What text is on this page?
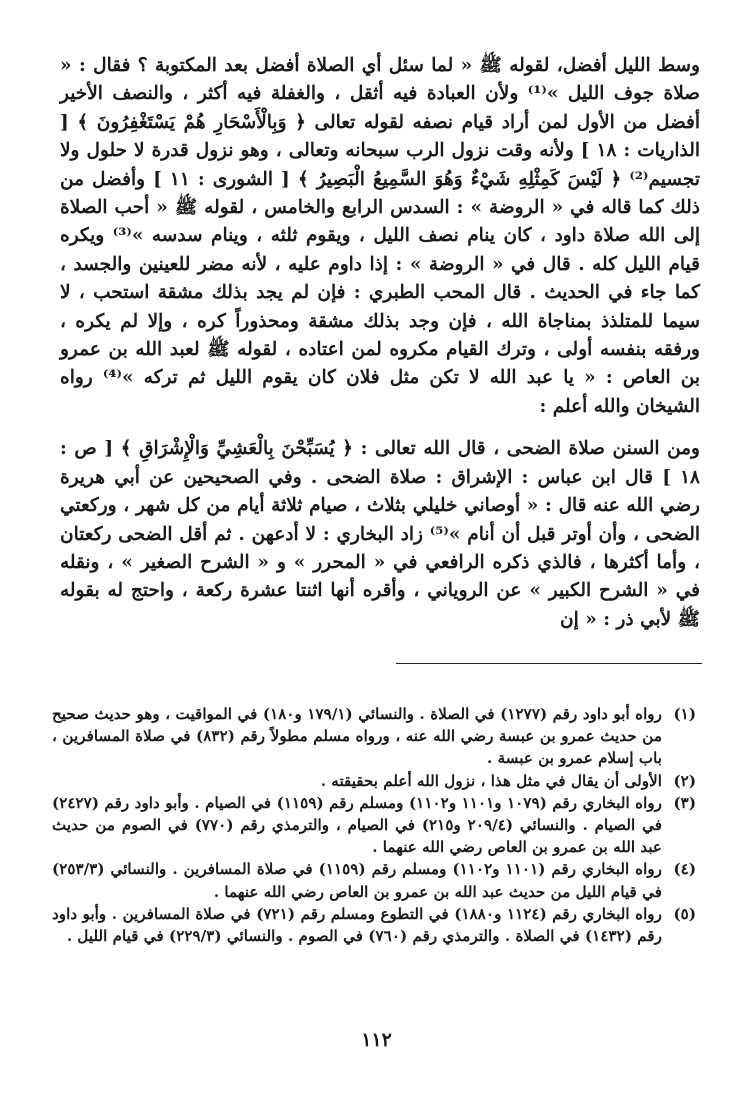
وسط الليل أفضل، لقوله ﷺ « لما سئل أي الصلاة أفضل بعد المكتوبة ؟ فقال : « صلاة جوف الليل »⁽¹⁾ ولأن العبادة فيه أثقل ، والغفلة فيه أكثر ، والنصف الأخير أفضل من الأول لمن أراد قيام نصفه لقوله تعالى ﴿ وَبِالْأَسْحَارِ هُمْ يَسْتَغْفِرُونَ ﴾ [ الذاريات : ١٨ ] ولأنه وقت نزول الرب سبحانه وتعالى ، وهو نزول قدرة لا حلول ولا تجسيم⁽²⁾ ﴿ لَيْسَ كَمِثْلِهِ شَيْءٌ وَهُوَ السَّمِيعُ الْبَصِيرُ ﴾ [ الشورى : ١١ ] وأفضل من ذلك كما قاله في « الروضة » : السدس الرابع والخامس ، لقوله ﷺ « أحب الصلاة إلى الله صلاة داود ، كان ينام نصف الليل ، ويقوم ثلثه ، وينام سدسه »⁽³⁾ ويكره قيام الليل كله . قال في « الروضة » : إذا داوم عليه ، لأنه مضر للعينين والجسد ، كما جاء في الحديث . قال المحب الطبري : فإن لم يجد بذلك مشقة استحب ، لا سيما للمتلذذ بمناجاة الله ، فإن وجد بذلك مشقة ومحذوراً كره ، وإلا لم يكره ، ورفقه بنفسه أولى ، وترك القيام مكروه لمن اعتاده ، لقوله ﷺ لعبد الله بن عمرو بن العاص : « يا عبد الله لا تكن مثل فلان كان يقوم الليل ثم تركه »⁽⁴⁾ رواه الشيخان والله أعلم :

ومن السنن صلاة الضحى ، قال الله تعالى : ﴿ يُسَبِّحْنَ بِالْعَشِيِّ وَالْإِشْرَاقِ ﴾ [ ص : ١٨ ] قال ابن عباس : الإشراق : صلاة الضحى . وفي الصحيحين عن أبي هريرة رضي الله عنه قال : « أوصاني خليلي بثلاث ، صيام ثلاثة أيام من كل شهر ، وركعتي الضحى ، وأن أوتر قبل أن أنام »⁽⁵⁾ زاد البخاري : لا أدعهن . ثم أقل الضحى ركعتان ، وأما أكثرها ، فالذي ذكره الرافعي في « المحرر » و « الشرح الصغير » ، ونقله في « الشرح الكبير » عن الروياني ، وأقره أنها اثنتا عشرة ركعة ، واحتج له بقوله ﷺ لأبي ذر : « إن

(١)
رواه أبو داود رقم (١٢٧٧) في الصلاة . والنسائي (١٧٩/١ و١٨٠) في المواقيت ، وهو حديث صحيح من حديث عمرو بن عبسة رضي الله عنه ، ورواه مسلم مطولاً رقم (٨٣٢) في صلاة المسافرين ، باب إسلام عمرو بن عبسة .
(٢)
الأولى أن يقال في مثل هذا ، نزول الله أعلم بحقيقته .
(٣)
رواه البخاري رقم (١٠٧٩ و١١٠١ و١١٠٢) ومسلم رقم (١١٥٩) في الصيام . وأبو داود رقم (٢٤٢٧) في الصيام . والنسائي (٢٠٩/٤ و٢١٥) في الصيام ، والترمذي رقم (٧٧٠) في الصوم من حديث عبد الله بن عمرو بن العاص رضي الله عنهما .
(٤)
رواه البخاري رقم (١١٠١ و١١٠٢) ومسلم رقم (١١٥٩) في صلاة المسافرين . والنسائي (٢٥٣/٣) في قيام الليل من حديث عبد الله بن عمرو بن العاص رضي الله عنهما .
(٥)
رواه البخاري رقم (١١٢٤ و١٨٨٠) في التطوع ومسلم رقم (٧٢١) في صلاة المسافرين . وأبو داود رقم (١٤٣٢) في الصلاة . والترمذي رقم (٧٦٠) في الصوم . والنسائي (٢٢٩/٣) في قيام الليل .
١١٢
